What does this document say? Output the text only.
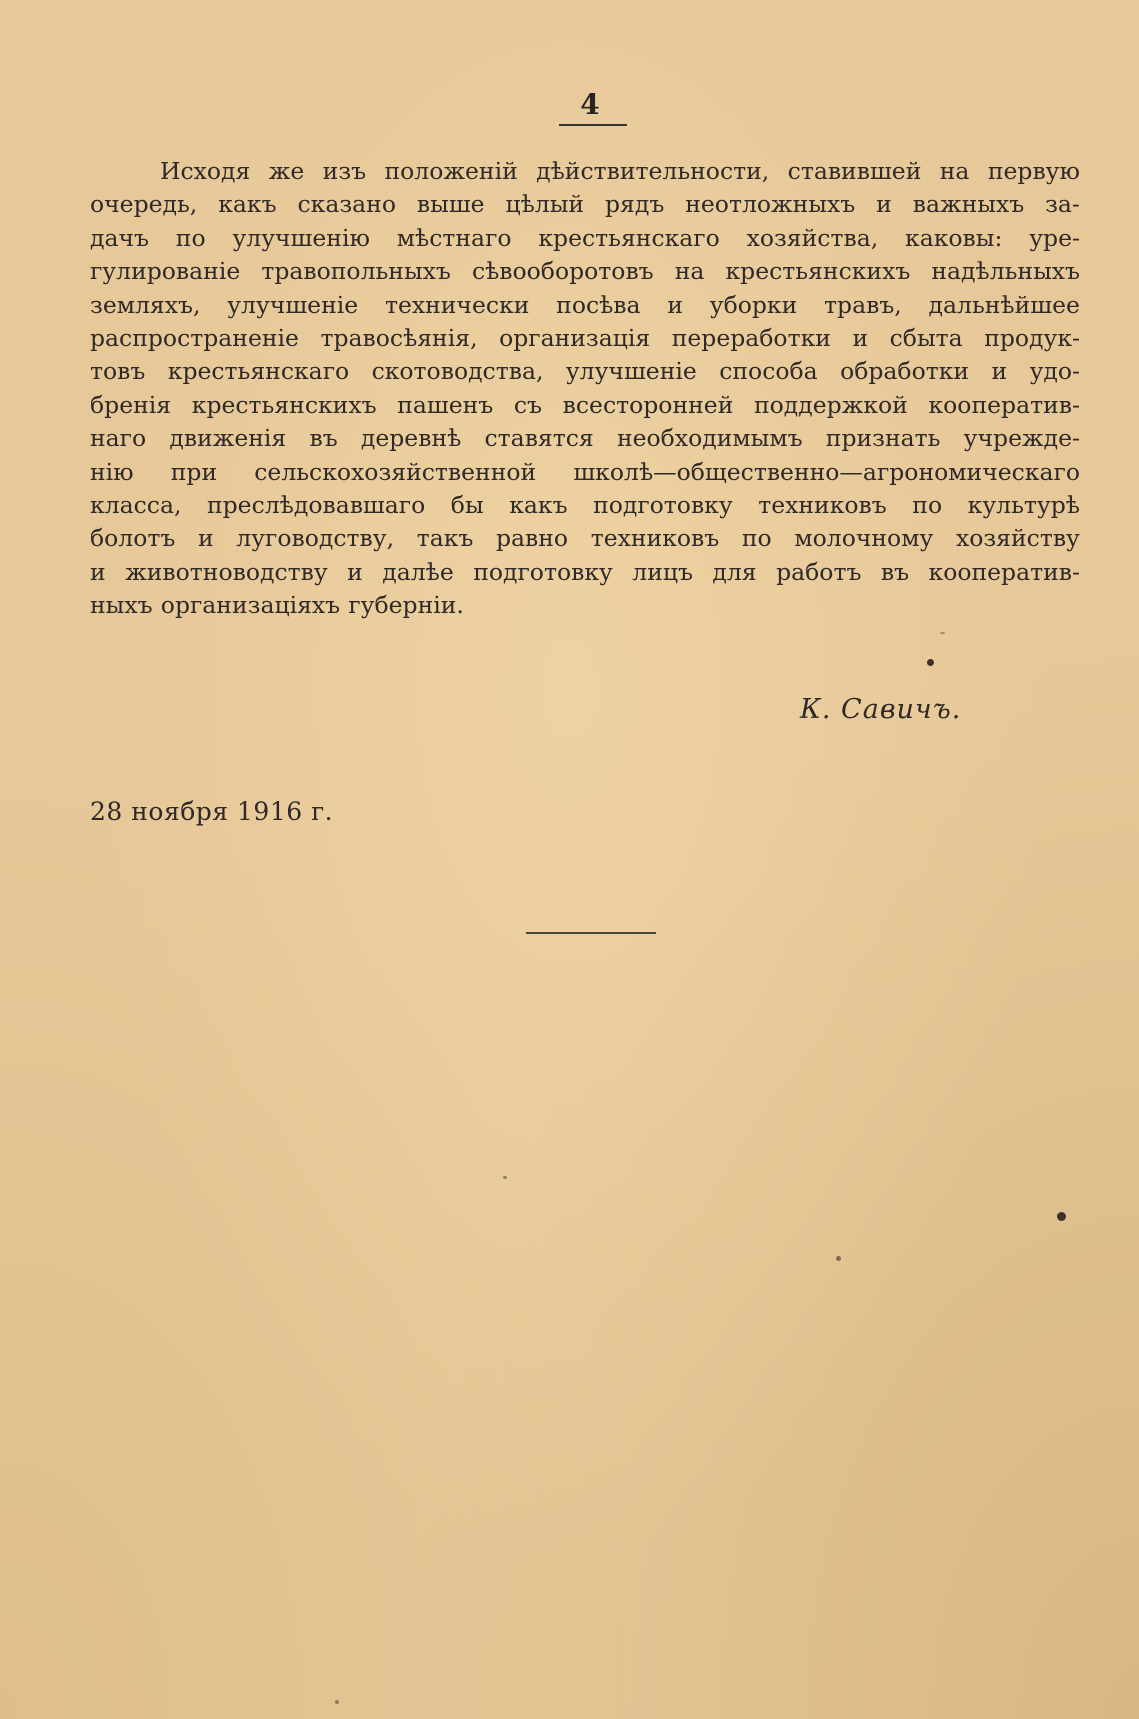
4
Исходя же изъ положеній дѣйствительности, ставившей на первую
очередь, какъ сказано выше цѣлый рядъ неотложныхъ и важныхъ за-
дачъ по улучшенію мѣстнаго крестьянскаго хозяйства, каковы: уре-
гулированіе травопольныхъ сѣвооборотовъ на крестьянскихъ надѣльныхъ
земляхъ, улучшеніе технически посѣва и уборки травъ, дальнѣйшее
распространеніе травосѣянія, организація переработки и сбыта продук-
товъ крестьянскаго скотоводства, улучшеніе способа обработки и удо-
бренія крестьянскихъ пашенъ съ всесторонней поддержкой кооператив-
наго движенія въ деревнѣ ставятся необходимымъ признать учрежде-
нію при сельскохозяйственной школѣ—общественно—агрономическаго
класса, преслѣдовавшаго бы какъ подготовку техниковъ по культурѣ
болотъ и луговодству, такъ равно техниковъ по молочному хозяйству
и животноводству и далѣе подготовку лицъ для работъ въ кооператив-
ныхъ организаціяхъ губерніи.
К. Савичъ.
28 ноября 1916 г.
